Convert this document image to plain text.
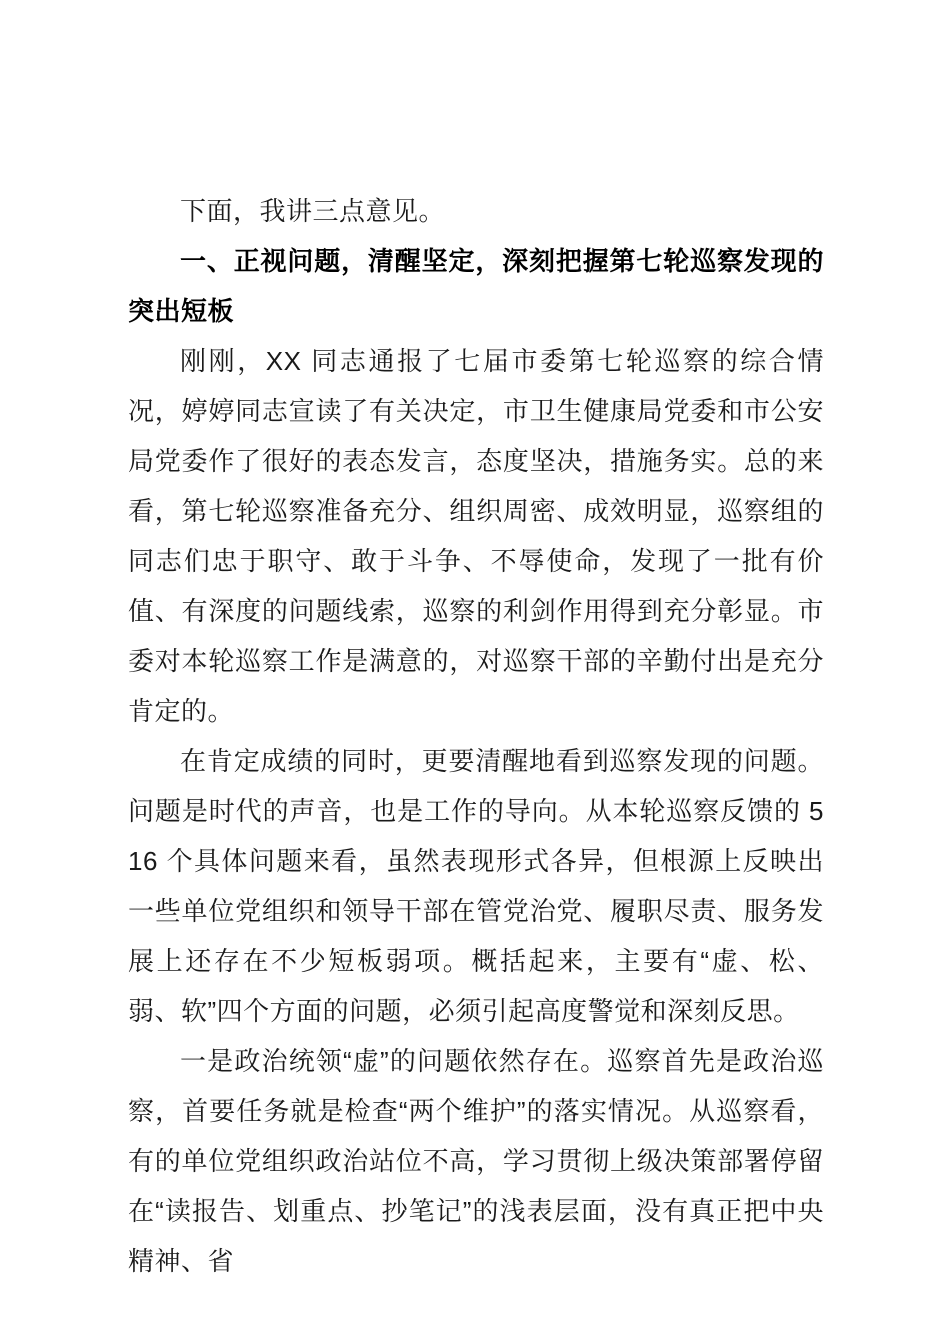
下面，我讲三点意见。

一、正视问题，清醒坚定，深刻把握第七轮巡察发现的突出短板

刚刚，XX 同志通报了七届市委第七轮巡察的综合情况，婷婷同志宣读了有关决定，市卫生健康局党委和市公安局党委作了很好的表态发言，态度坚决，措施务实。总的来看，第七轮巡察准备充分、组织周密、成效明显，巡察组的同志们忠于职守、敢于斗争、不辱使命，发现了一批有价值、有深度的问题线索，巡察的利剑作用得到充分彰显。市委对本轮巡察工作是满意的，对巡察干部的辛勤付出是充分肯定的。

在肯定成绩的同时，更要清醒地看到巡察发现的问题。问题是时代的声音，也是工作的导向。从本轮巡察反馈的 516 个具体问题来看，虽然表现形式各异，但根源上反映出一些单位党组织和领导干部在管党治党、履职尽责、服务发展上还存在不少短板弱项。概括起来，主要有“虚、松、弱、软”四个方面的问题，必须引起高度警觉和深刻反思。

一是政治统领“虚”的问题依然存在。巡察首先是政治巡察，首要任务就是检查“两个维护”的落实情况。从巡察看，有的单位党组织政治站位不高，学习贯彻上级决策部署停留在“读报告、划重点、抄笔记”的浅表层面，没有真正把中央精神、省
